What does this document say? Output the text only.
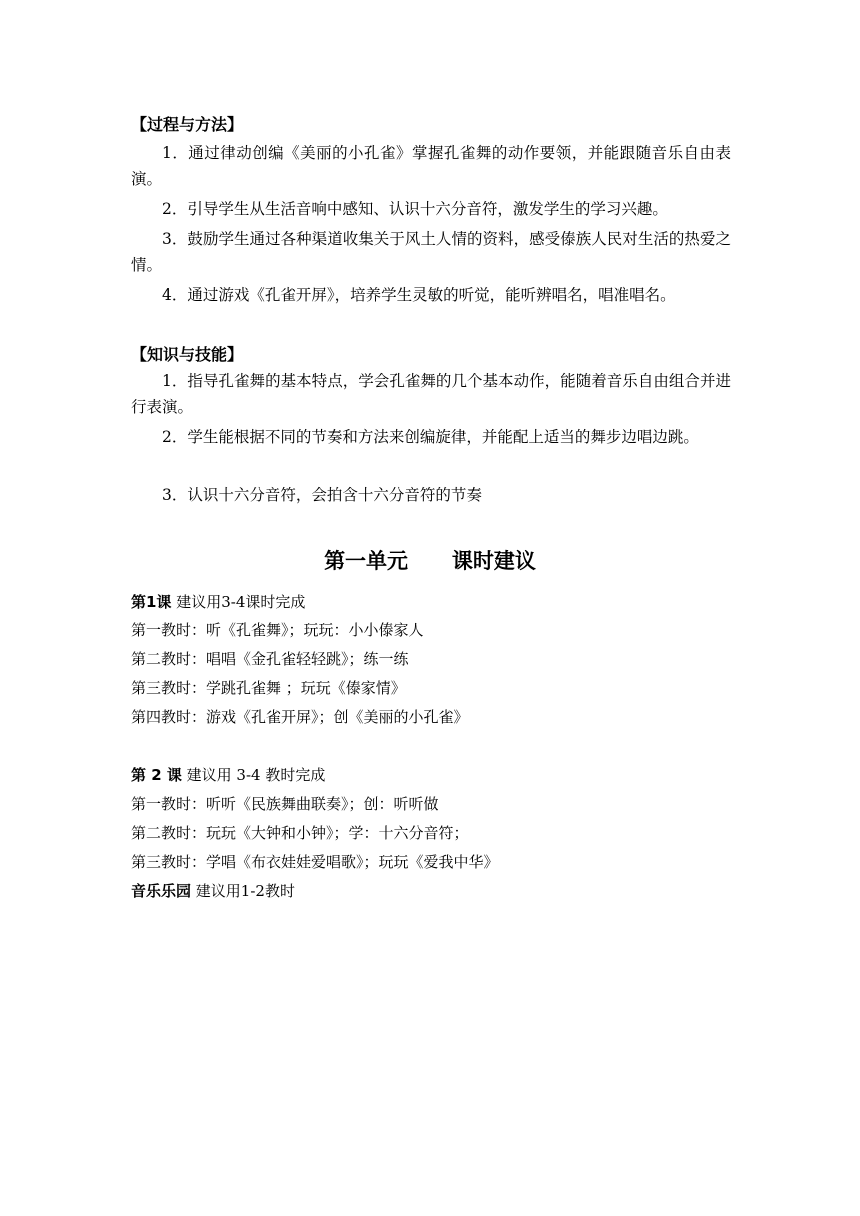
【过程与方法】
1．通过律动创编《美丽的小孔雀》掌握孔雀舞的动作要领，并能跟随音乐自由表演。
2．引导学生从生活音响中感知、认识十六分音符，激发学生的学习兴趣。
3．鼓励学生通过各种渠道收集关于风土人情的资料，感受傣族人民对生活的热爱之情。
4．通过游戏《孔雀开屏》，培养学生灵敏的听觉，能听辨唱名，唱准唱名。
【知识与技能】
1．指导孔雀舞的基本特点，学会孔雀舞的几个基本动作，能随着音乐自由组合并进行表演。
2．学生能根据不同的节奏和方法来创编旋律，并能配上适当的舞步边唱边跳。
3．认识十六分音符，会拍含十六分音符的节奏
第一单元      课时建议
第1课 建议用3-4课时完成
第一教时：听《孔雀舞》；玩玩：小小傣家人
第二教时：唱唱《金孔雀轻轻跳》；练一练
第三教时：学跳孔雀舞 ；玩玩《傣家情》
第四教时：游戏《孔雀开屏》；创《美丽的小孔雀》
第 2 课 建议用 3-4 教时完成
第一教时：听听《民族舞曲联奏》；创：听听做
第二教时：玩玩《大钟和小钟》；学：十六分音符；
第三教时：学唱《布衣娃娃爱唱歌》；玩玩《爱我中华》
音乐乐园 建议用1-2教时
